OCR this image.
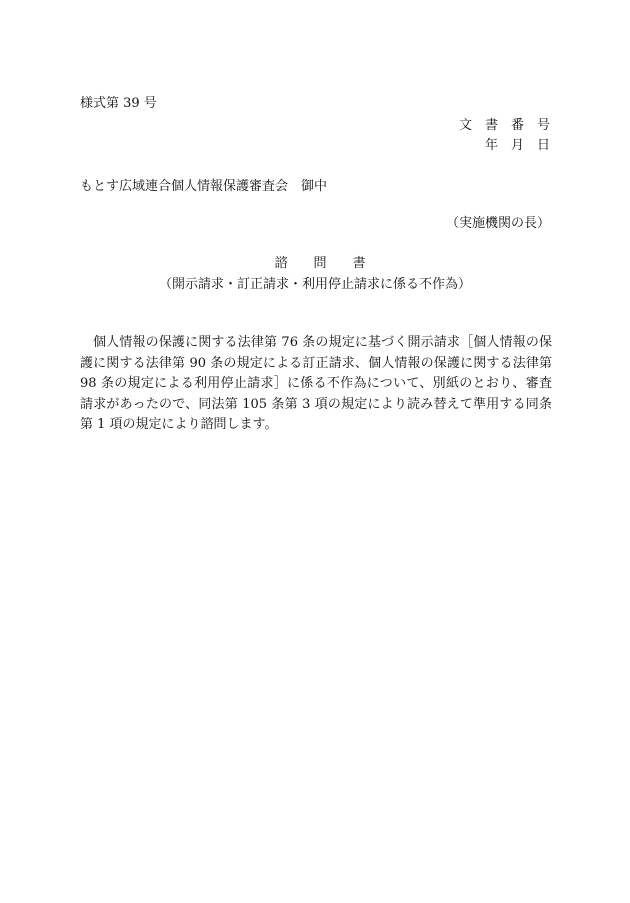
様式第 39 号
文　書　番　号
年　月　日
もとす広域連合個人情報保護審査会　御中
（実施機関の長）
諮　　問　　書
（開示請求・訂正請求・利用停止請求に係る不作為）

個人情報の保護に関する法律第 76 条の規定に基づく開示請求［個人情報の保護に関する法律第 90 条の規定による訂正請求、個人情報の保護に関する法律第 98 条の規定による利用停止請求］に係る不作為について、別紙のとおり、審査請求があったので、同法第 105 条第 3 項の規定により読み替えて準用する同条第 1 項の規定により諮問します。
